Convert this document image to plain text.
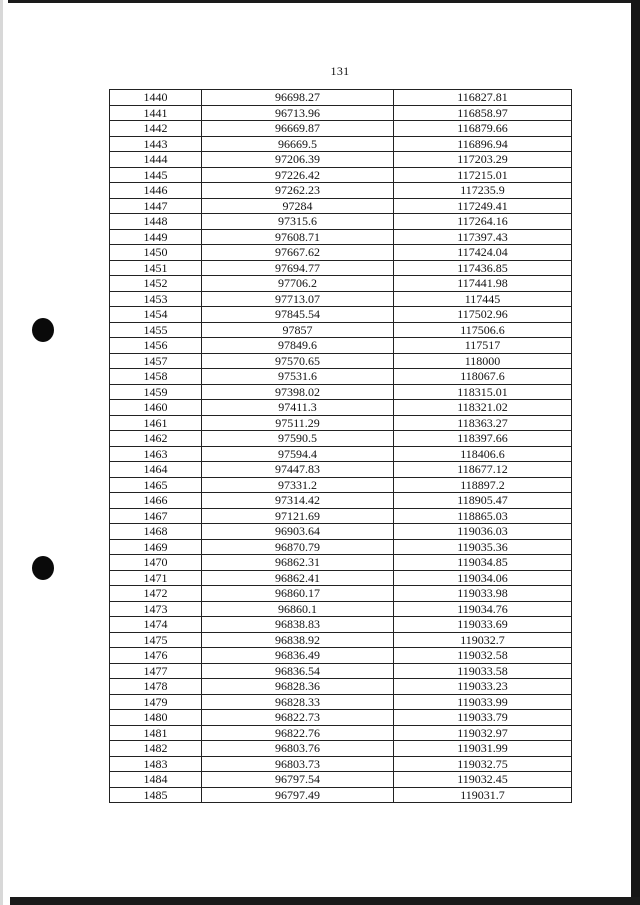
131
1440	96698.27	116827.81
1441	96713.96	116858.97
1442	96669.87	116879.66
1443	96669.5	116896.94
1444	97206.39	117203.29
1445	97226.42	117215.01
1446	97262.23	117235.9
1447	97284	117249.41
1448	97315.6	117264.16
1449	97608.71	117397.43
1450	97667.62	117424.04
1451	97694.77	117436.85
1452	97706.2	117441.98
1453	97713.07	117445
1454	97845.54	117502.96
1455	97857	117506.6
1456	97849.6	117517
1457	97570.65	118000
1458	97531.6	118067.6
1459	97398.02	118315.01
1460	97411.3	118321.02
1461	97511.29	118363.27
1462	97590.5	118397.66
1463	97594.4	118406.6
1464	97447.83	118677.12
1465	97331.2	118897.2
1466	97314.42	118905.47
1467	97121.69	118865.03
1468	96903.64	119036.03
1469	96870.79	119035.36
1470	96862.31	119034.85
1471	96862.41	119034.06
1472	96860.17	119033.98
1473	96860.1	119034.76
1474	96838.83	119033.69
1475	96838.92	119032.7
1476	96836.49	119032.58
1477	96836.54	119033.58
1478	96828.36	119033.23
1479	96828.33	119033.99
1480	96822.73	119033.79
1481	96822.76	119032.97
1482	96803.76	119031.99
1483	96803.73	119032.75
1484	96797.54	119032.45
1485	96797.49	119031.7
